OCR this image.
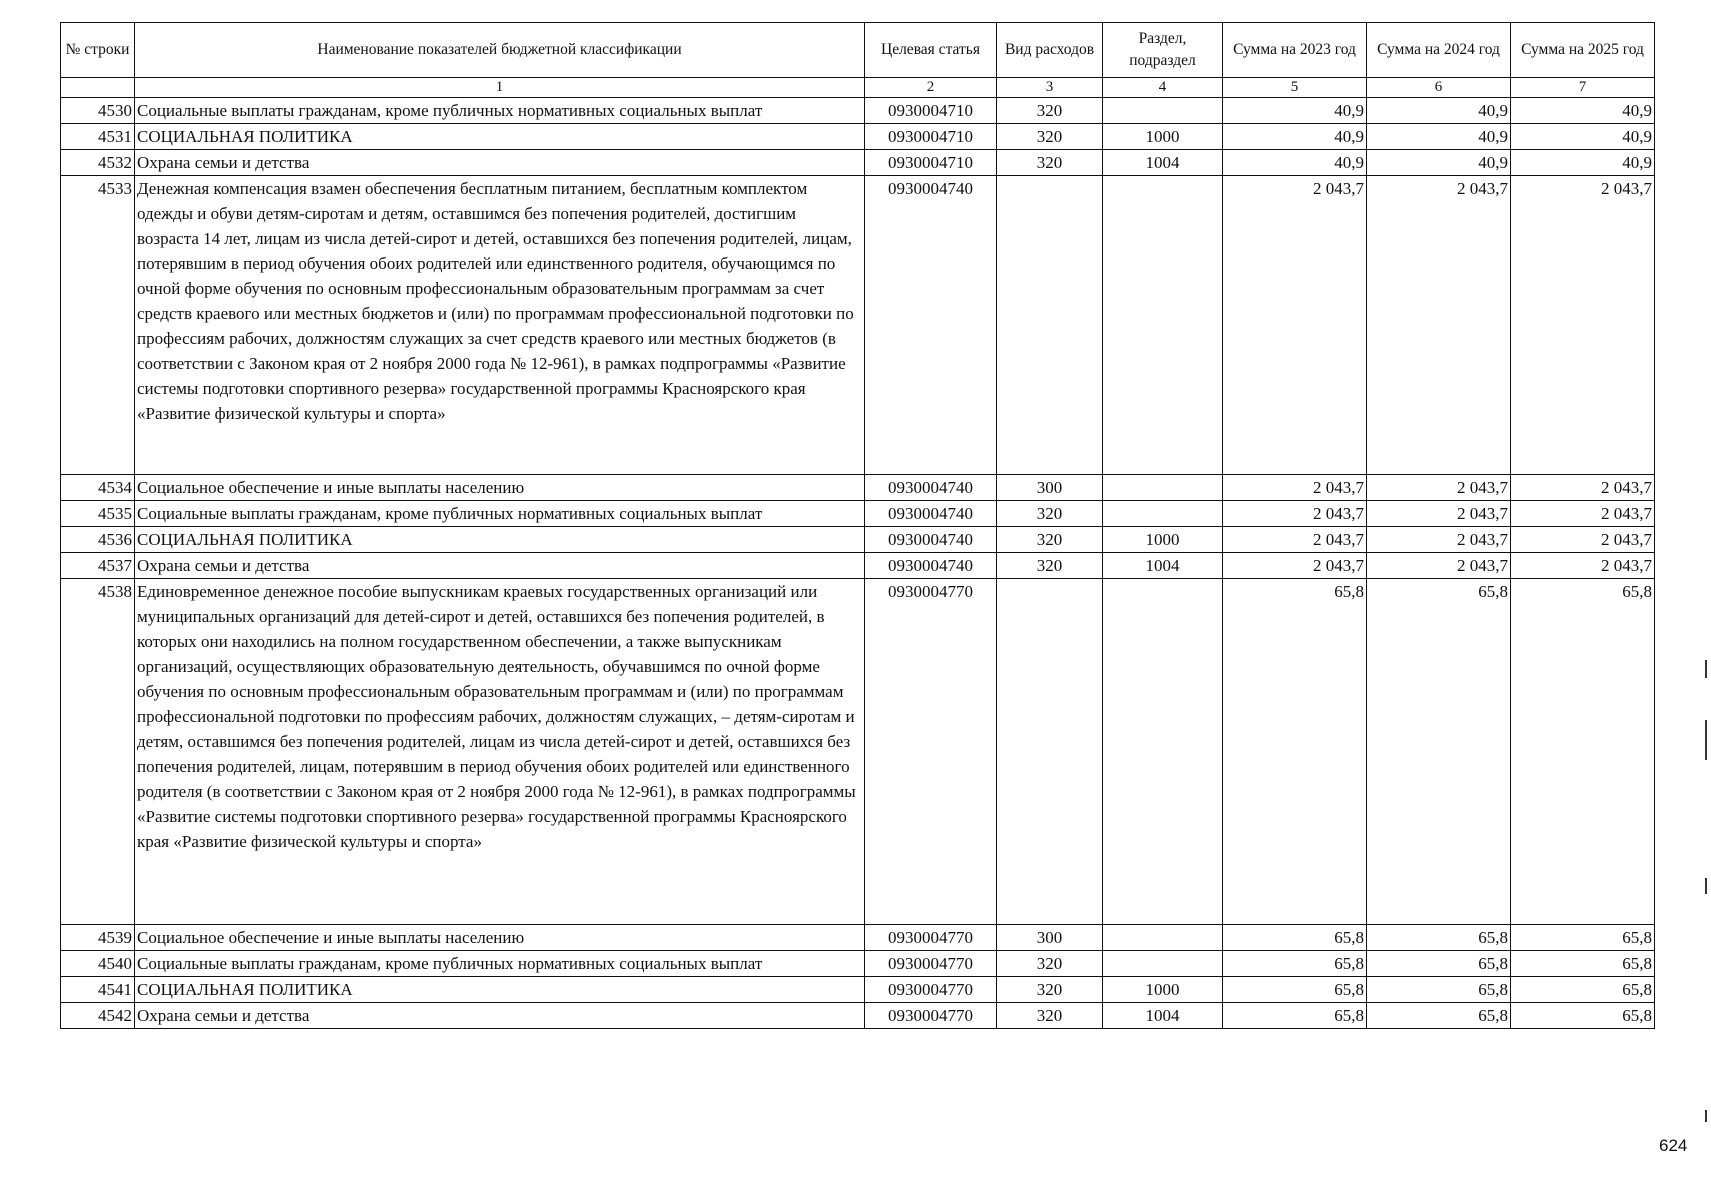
№ строки	Наименование показателей бюджетной классификации	Целевая статья	Вид расходов	Раздел, подраздел	Сумма на 2023 год	Сумма на 2024 год	Сумма на 2025 год
	1	2	3	4	5	6	7
4530	Социальные выплаты гражданам, кроме публичных нормативных социальных выплат	0930004710	320		40,9	40,9	40,9
4531	СОЦИАЛЬНАЯ ПОЛИТИКА	0930004710	320	1000	40,9	40,9	40,9
4532	Охрана семьи и детства	0930004710	320	1004	40,9	40,9	40,9
4533	Денежная компенсация взамен обеспечения бесплатным питанием, бесплатным комплектом одежды и обуви детям-сиротам и детям, оставшимся без попечения родителей, достигшим возраста 14 лет, лицам из числа детей-сирот и детей, оставшихся без попечения родителей, лицам, потерявшим в период обучения обоих родителей или единственного родителя, обучающимся по очной форме обучения по основным профессиональным образовательным программам за счет средств краевого или местных бюджетов и (или) по программам профессиональной подготовки по профессиям рабочих, должностям служащих за счет средств краевого или местных бюджетов (в соответствии с Законом края от 2 ноября 2000 года № 12-961), в рамках подпрограммы «Развитие системы подготовки спортивного резерва» государственной программы Красноярского края «Развитие физической культуры и спорта»	0930004740			2 043,7	2 043,7	2 043,7
4534	Социальное обеспечение и иные выплаты населению	0930004740	300		2 043,7	2 043,7	2 043,7
4535	Социальные выплаты гражданам, кроме публичных нормативных социальных выплат	0930004740	320		2 043,7	2 043,7	2 043,7
4536	СОЦИАЛЬНАЯ ПОЛИТИКА	0930004740	320	1000	2 043,7	2 043,7	2 043,7
4537	Охрана семьи и детства	0930004740	320	1004	2 043,7	2 043,7	2 043,7
4538	Единовременное денежное пособие выпускникам краевых государственных организаций или муниципальных организаций для детей-сирот и детей, оставшихся без попечения родителей, в которых они находились на полном государственном обеспечении, а также выпускникам организаций, осуществляющих образовательную деятельность, обучавшимся по очной форме обучения по основным профессиональным образовательным программам и (или) по программам профессиональной подготовки по профессиям рабочих, должностям служащих, – детям-сиротам и детям, оставшимся без попечения родителей, лицам из числа детей-сирот и детей, оставшихся без попечения родителей, лицам, потерявшим в период обучения обоих родителей или единственного родителя (в соответствии с Законом края от 2 ноября 2000 года № 12-961), в рамках подпрограммы «Развитие системы подготовки спортивного резерва» государственной программы Красноярского края «Развитие физической культуры и спорта»	0930004770			65,8	65,8	65,8
4539	Социальное обеспечение и иные выплаты населению	0930004770	300		65,8	65,8	65,8
4540	Социальные выплаты гражданам, кроме публичных нормативных социальных выплат	0930004770	320		65,8	65,8	65,8
4541	СОЦИАЛЬНАЯ ПОЛИТИКА	0930004770	320	1000	65,8	65,8	65,8
4542	Охрана семьи и детства	0930004770	320	1004	65,8	65,8	65,8
624
